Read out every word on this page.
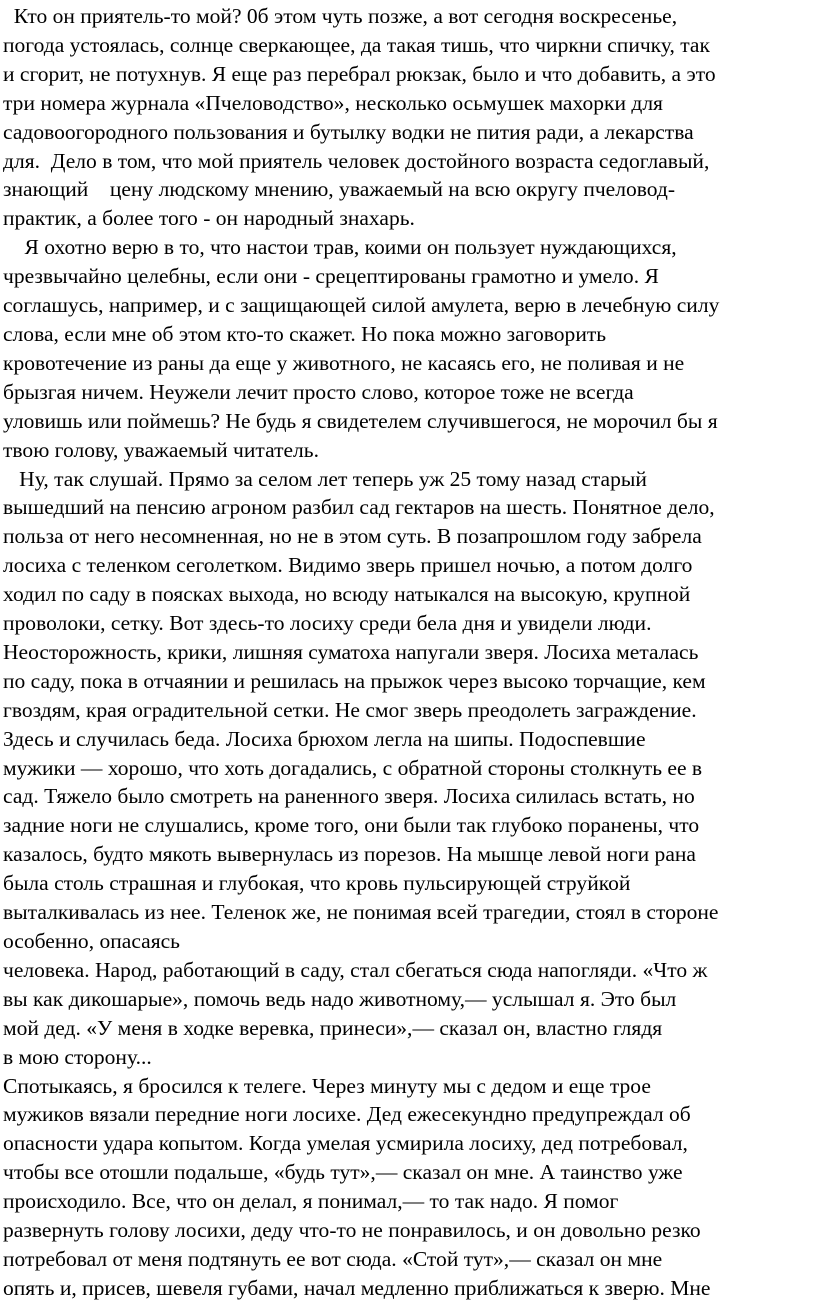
Кто он приятель-то мой? 0б этом чуть позже, а вот сегодня воскресенье,
погода устоялась, солнце сверкающее, да такая тишь, что чиркни спичку, так
и сгорит, не потухнув. Я еще раз перебрал рюкзак, было и что добавить, а это
три номера журнала «Пчеловодство», несколько осьмушек махорки для
садовоогородного пользования и бутылку водки не пития ради, а лекарства
для.  Дело в том, что мой приятель человек достойного возраста седоглавый,
знающий    цену людскому мнению, уважаемый на всю округу пчеловод-
практик, а более того - он народный знахарь.
Я охотно верю в то, что настои трав, коими он пользует нуждающихся,
чрезвычайно целебны, если они - срецептированы грамотно и умело. Я
соглашусь, например, и с защищающей силой амулета, верю в лечебную силу
слова, если мне об этом кто-то скажет. Но пока можно заговорить
кровотечение из раны да еще у животного, не касаясь его, не поливая и не
брызгая ничем. Неужели лечит просто слово, которое тоже не всегда
уловишь или поймешь? Не будь я свидетелем случившегося, не морочил бы я
твою голову, уважаемый читатель.
Ну, так слушай. Прямо за селом лет теперь уж 25 тому назад старый
вышедший на пенсию агроном разбил сад гектаров на шесть. Понятное дело,
польза от него несомненная, но не в этом суть. В позапрошлом году забрела
лосиха с теленком сеголетком. Видимо зверь пришел ночью, а потом долго
ходил по саду в поясках выхода, но всюду натыкался на высокую, крупной
проволоки, сетку. Вот здесь-то лосиху среди бела дня и увидели люди.
Неосторожность, крики, лишняя суматоха напугали зверя. Лосиха металась
по саду, пока в отчаянии и решилась на прыжок через высоко торчащие, кем
гвоздям, края оградительной сетки. Не смог зверь преодолеть заграждение.
Здесь и случилась беда. Лосиха брюхом легла на шипы. Подоспевшие
мужики — хорошо, что хоть догадались, с обратной стороны столкнуть ее в
сад. Тяжело было смотреть на раненного зверя. Лосиха силилась встать, но
задние ноги не слушались, кроме того, они были так глубоко поранены, что
казалось, будто мякоть вывернулась из порезов. На мышце левой ноги рана
была столь страшная и глубокая, что кровь пульсирующей струйкой
выталкивалась из нее. Теленок же, не понимая всей трагедии, стоял в стороне
особенно, опасаясь
человека. Народ, работающий в саду, стал сбегаться сюда напогляди. «Что ж
вы как дикошарые», помочь ведь надо животному,— услышал я. Это был
мой дед. «У меня в ходке веревка, принеси»,— сказал он, властно глядя
в мою сторону...
Спотыкаясь, я бросился к телеге. Через минуту мы с дедом и еще трое
мужиков вязали передние ноги лосихе. Дед ежесекундно предупреждал об
опасности удара копытом. Когда умелая усмирила лосиху, дед потребовал,
чтобы все отошли подальше, «будь тут»,— сказал он мне. А таинство уже
происходило. Все, что он делал, я понимал,— то так надо. Я помог
развернуть голову лосихи, деду что-то не понравилось, и он довольно резко
потребовал от меня подтянуть ее вот сюда. «Стой тут»,— сказал он мне
опять и, присев, шевеля губами, начал медленно приближаться к зверю. Мне
